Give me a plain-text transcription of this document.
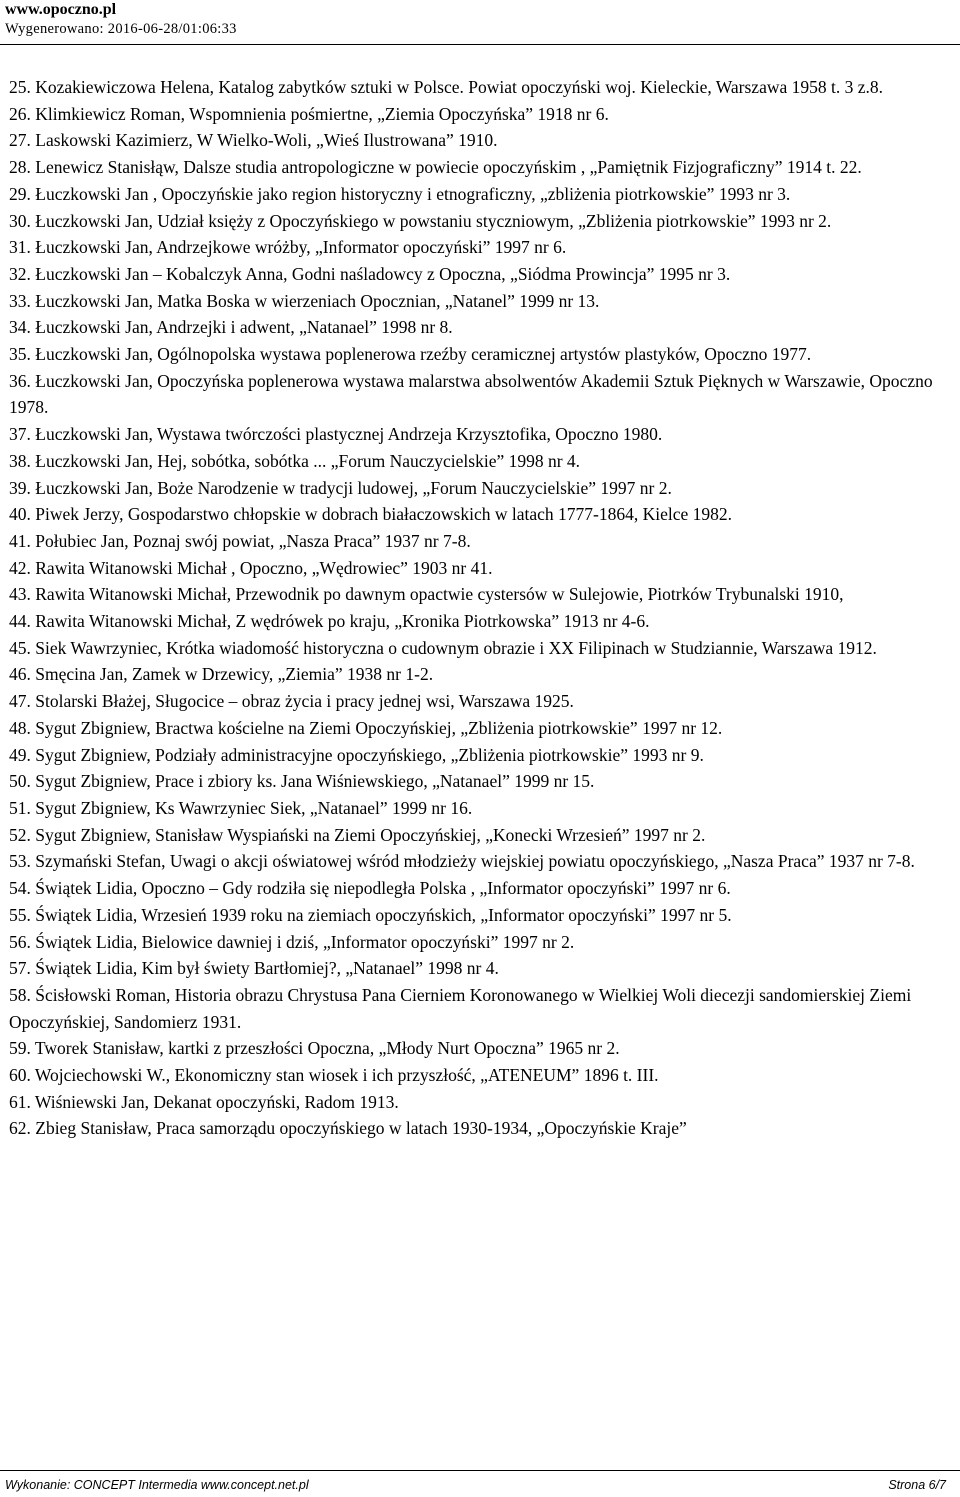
www.opoczno.pl
Wygenerowano: 2016-06-28/01:06:33

25. Kozakiewiczowa Helena, Katalog zabytków sztuki w Polsce. Powiat opoczyński woj. Kieleckie, Warszawa 1958 t. 3 z.8.

26. Klimkiewicz Roman, Wspomnienia pośmiertne, „Ziemia Opoczyńska” 1918 nr 6.

27. Laskowski Kazimierz, W Wielko-Woli, „Wieś Ilustrowana” 1910.

28. Lenewicz Stanisłąw, Dalsze studia antropologiczne w powiecie opoczyńskim , „Pamiętnik Fizjograficzny” 1914 t. 22.

29. Łuczkowski Jan , Opoczyńskie jako region historyczny i etnograficzny, „zbliżenia piotrkowskie” 1993 nr 3.

30. Łuczkowski Jan, Udział księży z Opoczyńskiego w powstaniu styczniowym, „Zbliżenia piotrkowskie” 1993 nr 2.

31. Łuczkowski Jan, Andrzejkowe wróżby, „Informator opoczyński” 1997 nr 6.

32. Łuczkowski Jan – Kobalczyk Anna, Godni naśladowcy z Opoczna, „Siódma Prowincja” 1995 nr 3.

33. Łuczkowski Jan, Matka Boska w wierzeniach Opocznian, „Natanel” 1999 nr 13.

34. Łuczkowski Jan, Andrzejki i adwent, „Natanael” 1998 nr 8.

35. Łuczkowski Jan, Ogólnopolska wystawa poplenerowa rzeźby ceramicznej artystów plastyków, Opoczno 1977.

36. Łuczkowski Jan, Opoczyńska poplenerowa wystawa malarstwa absolwentów Akademii Sztuk Pięknych w Warszawie, Opoczno 1978.

37. Łuczkowski Jan, Wystawa twórczości plastycznej Andrzeja Krzysztofika, Opoczno 1980.

38. Łuczkowski Jan, Hej, sobótka, sobótka ... „Forum Nauczycielskie” 1998 nr 4.

39. Łuczkowski Jan, Boże Narodzenie w tradycji ludowej, „Forum Nauczycielskie” 1997 nr 2.

40. Piwek Jerzy, Gospodarstwo chłopskie w dobrach białaczowskich w latach 1777-1864, Kielce 1982.

41. Połubiec Jan, Poznaj swój powiat, „Nasza Praca” 1937 nr 7-8.

42. Rawita Witanowski Michał , Opoczno, „Wędrowiec” 1903 nr 41.

43. Rawita Witanowski Michał, Przewodnik po dawnym opactwie cystersów w Sulejowie, Piotrków Trybunalski 1910,

44. Rawita Witanowski Michał, Z wędrówek po kraju, „Kronika Piotrkowska” 1913 nr 4-6.

45. Siek Wawrzyniec, Krótka wiadomość historyczna o cudownym obrazie i XX Filipinach w Studziannie, Warszawa 1912.

46. Smęcina Jan, Zamek w Drzewicy, „Ziemia” 1938 nr 1-2.

47. Stolarski Błażej, Sługocice – obraz życia i pracy jednej wsi, Warszawa 1925.

48. Sygut Zbigniew, Bractwa kościelne na Ziemi Opoczyńskiej, „Zbliżenia piotrkowskie” 1997 nr 12.

49. Sygut Zbigniew, Podziały administracyjne opoczyńskiego, „Zbliżenia piotrkowskie” 1993 nr 9.

50. Sygut Zbigniew, Prace i zbiory ks. Jana Wiśniewskiego, „Natanael” 1999 nr 15.

51. Sygut Zbigniew, Ks Wawrzyniec Siek, „Natanael” 1999 nr 16.

52. Sygut Zbigniew, Stanisław Wyspiański na Ziemi Opoczyńskiej, „Konecki Wrzesień” 1997 nr 2.

53. Szymański Stefan, Uwagi o akcji oświatowej wśród młodzieży wiejskiej powiatu opoczyńskiego, „Nasza Praca” 1937 nr 7-8.

54. Świątek Lidia, Opoczno – Gdy rodziła się niepodległa Polska , „Informator opoczyński” 1997 nr 6.

55. Świątek Lidia, Wrzesień 1939 roku na ziemiach opoczyńskich, „Informator opoczyński” 1997 nr 5.

56. Świątek Lidia, Bielowice dawniej i dziś, „Informator opoczyński” 1997 nr 2.

57. Świątek Lidia, Kim był świety Bartłomiej?, „Natanael” 1998 nr 4.

58. Ścisłowski Roman, Historia obrazu Chrystusa Pana Cierniem Koronowanego w Wielkiej Woli diecezji sandomierskiej Ziemi Opoczyńskiej, Sandomierz 1931.

59. Tworek Stanisław, kartki z przeszłości Opoczna, „Młody Nurt Opoczna” 1965 nr 2.

60. Wojciechowski W., Ekonomiczny stan wiosek i ich przyszłość, „ATENEUM” 1896 t. III.

61. Wiśniewski Jan, Dekanat opoczyński, Radom 1913.

62. Zbieg Stanisław, Praca samorządu opoczyńskiego w latach 1930-1934, „Opoczyńskie Kraje”

Wykonanie: CONCEPT Intermedia www.concept.net.pl	Strona 6/7
